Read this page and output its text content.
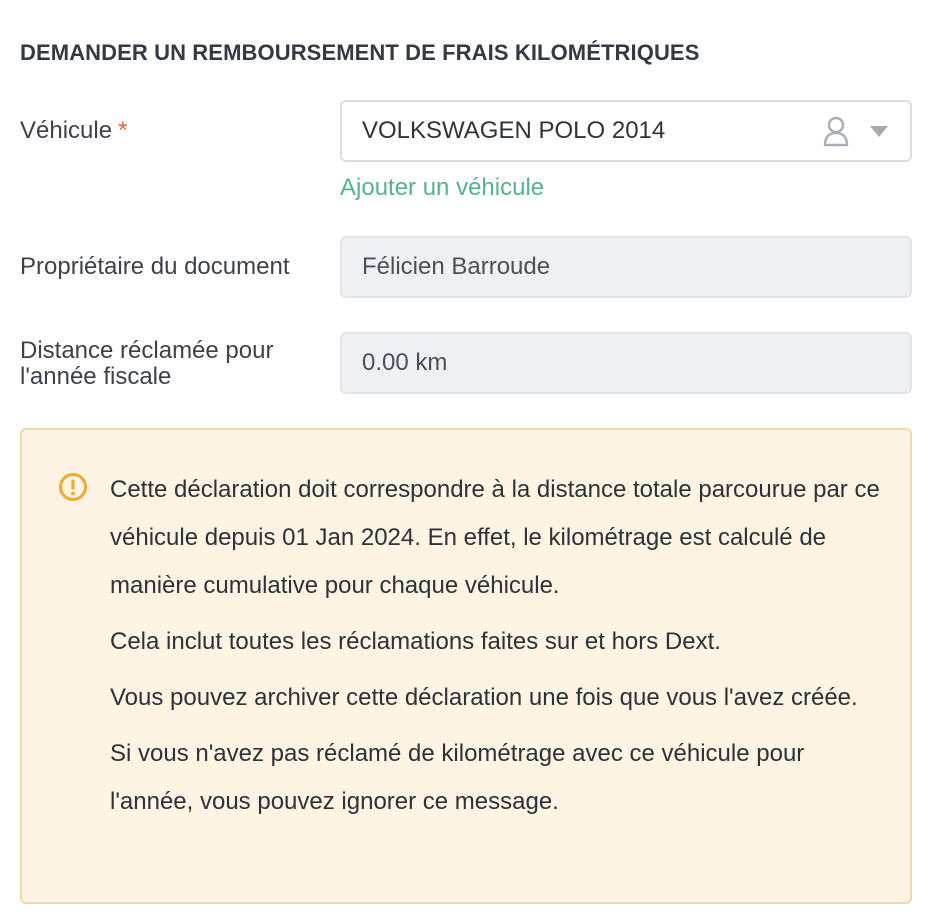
DEMANDER UN REMBOURSEMENT DE FRAIS KILOMÉTRIQUES
Véhicule *	VOLKSWAGEN POLO 2014
Ajouter un véhicule
Propriétaire du document	Félicien Barroude
Distance réclamée pour
l'année fiscale
0.00 km

Cette déclaration doit correspondre à la distance totale parcourue par ce véhicule depuis 01 Jan 2024. En effet, le kilométrage est calculé de manière cumulative pour chaque véhicule.

Cela inclut toutes les réclamations faites sur et hors Dext.

Vous pouvez archiver cette déclaration une fois que vous l'avez créée.

Si vous n'avez pas réclamé de kilométrage avec ce véhicule pour l'année, vous pouvez ignorer ce message.
